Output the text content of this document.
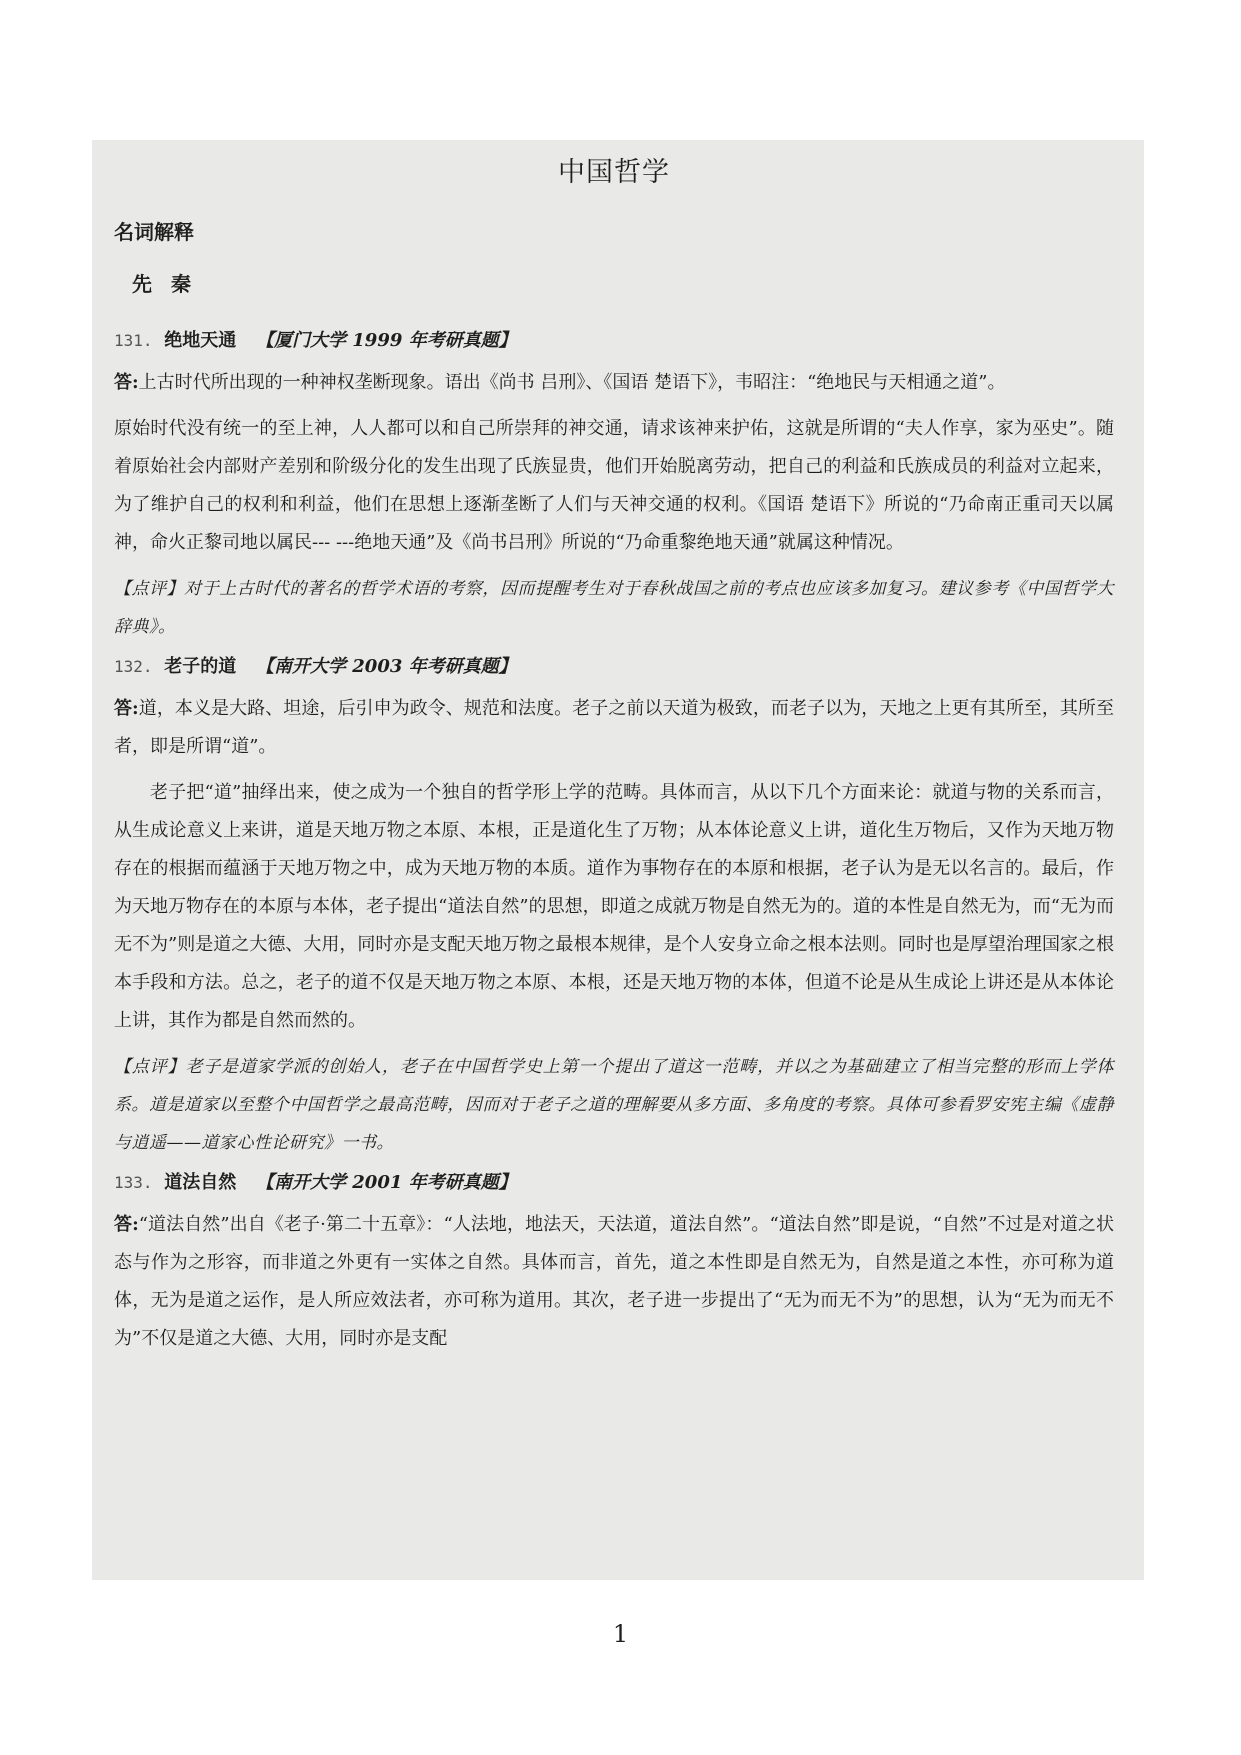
中国哲学
名词解释
先 秦
131. 绝地天通 【厦门大学 1999 年考研真题】

答:上古时代所出现的一种神权垄断现象。语出《尚书 吕刑》、《国语 楚语下》，韦昭注：“绝地民与天相通之道”。

原始时代没有统一的至上神，人人都可以和自己所崇拜的神交通，请求该神来护佑，这就是所谓的“夫人作享，家为巫史”。随着原始社会内部财产差别和阶级分化的发生出现了氏族显贵，他们开始脱离劳动，把自己的利益和氏族成员的利益对立起来，为了维护自己的权利和利益，他们在思想上逐渐垄断了人们与天神交通的权利。《国语 楚语下》所说的“乃命南正重司天以属神，命火正黎司地以属民--- ---绝地天通”及《尚书吕刑》所说的“乃命重黎绝地天通”就属这种情况。

【点评】对于上古时代的著名的哲学术语的考察，因而提醒考生对于春秋战国之前的考点也应该多加复习。建议参考《中国哲学大辞典》。

132. 老子的道 【南开大学 2003 年考研真题】

答:道，本义是大路、坦途，后引申为政令、规范和法度。老子之前以天道为极致，而老子以为，天地之上更有其所至，其所至者，即是所谓“道”。

老子把“道”抽绎出来，使之成为一个独自的哲学形上学的范畴。具体而言，从以下几个方面来论：就道与物的关系而言，从生成论意义上来讲，道是天地万物之本原、本根，正是道化生了万物；从本体论意义上讲，道化生万物后，又作为天地万物存在的根据而蕴涵于天地万物之中，成为天地万物的本质。道作为事物存在的本原和根据，老子认为是无以名言的。最后，作为天地万物存在的本原与本体，老子提出“道法自然”的思想，即道之成就万物是自然无为的。道的本性是自然无为，而“无为而无不为”则是道之大德、大用，同时亦是支配天地万物之最根本规律，是个人安身立命之根本法则。同时也是厚望治理国家之根本手段和方法。总之，老子的道不仅是天地万物之本原、本根，还是天地万物的本体，但道不论是从生成论上讲还是从本体论上讲，其作为都是自然而然的。

【点评】老子是道家学派的创始人，老子在中国哲学史上第一个提出了道这一范畴，并以之为基础建立了相当完整的形而上学体系。道是道家以至整个中国哲学之最高范畴，因而对于老子之道的理解要从多方面、多角度的考察。具体可参看罗安宪主编《虚静与逍遥——道家心性论研究》一书。

133. 道法自然 【南开大学 2001 年考研真题】

答:“道法自然”出自《老子·第二十五章》：“人法地，地法天，天法道，道法自然”。“道法自然”即是说，“自然”不过是对道之状态与作为之形容，而非道之外更有一实体之自然。具体而言，首先，道之本性即是自然无为，自然是道之本性，亦可称为道体，无为是道之运作，是人所应效法者，亦可称为道用。其次，老子进一步提出了“无为而无不为”的思想，认为“无为而无不为”不仅是道之大德、大用，同时亦是支配

1
